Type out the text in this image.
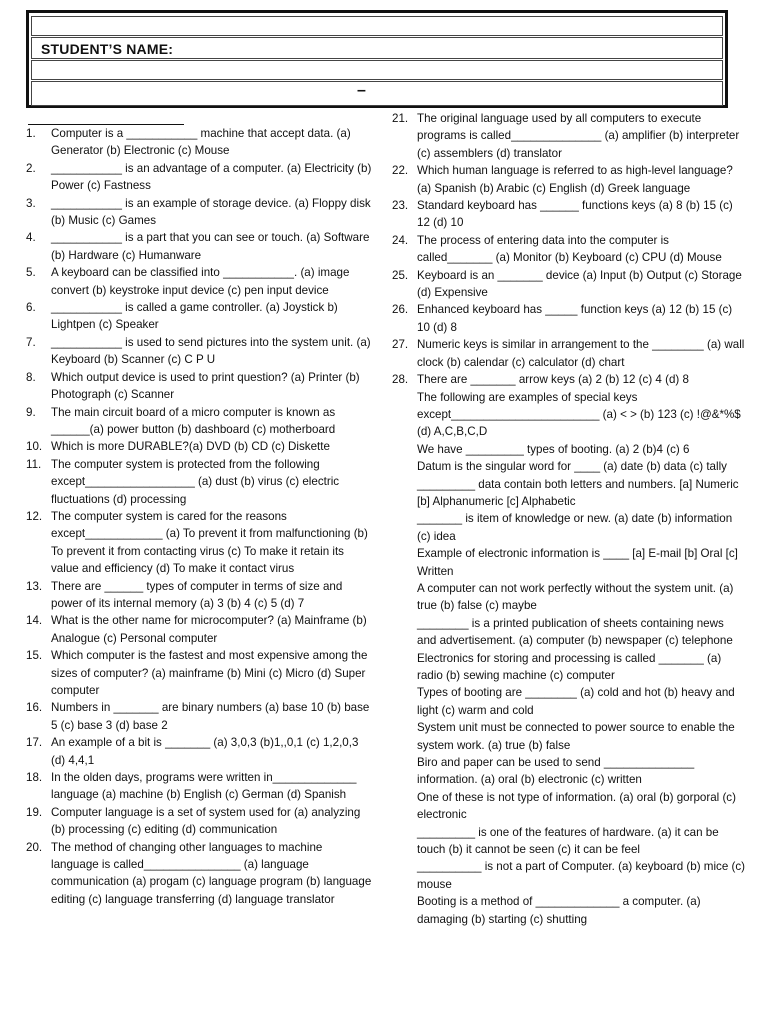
STUDENT’S NAME:
–
1. Computer is a ___________ machine that accept data. (a) Generator (b) Electronic (c) Mouse
2. ___________ is an advantage of a computer. (a) Electricity (b) Power (c) Fastness
3. ___________ is an example of storage device. (a) Floppy disk (b) Music (c) Games
4. ___________ is a part that you can see or touch. (a) Software (b) Hardware (c) Humanware
5. A keyboard can be classified into ___________. (a) image convert (b) keystroke input device (c) pen input device
6. ___________ is called a game controller. (a) Joystick b) Lightpen (c) Speaker
7. ___________ is used to send pictures into the system unit. (a) Keyboard (b) Scanner (c) C P U
8. Which output device is used to print question? (a) Printer (b) Photograph (c) Scanner
9. The main circuit board of a micro computer is known as ______(a) power button (b) dashboard (c) motherboard
10. Which is more DURABLE?(a) DVD (b) CD (c) Diskette
11. The computer system is protected from the following except_________________ (a) dust (b) virus (c) electric fluctuations (d) processing
12. The computer system is cared for the reasons except____________ (a) To prevent it from malfunctioning (b) To prevent it from contacting virus (c) To make it retain its value and efficiency (d) To make it contact virus
13. There are ______ types of computer in terms of size and power of its internal memory (a) 3 (b) 4 (c) 5 (d) 7
14. What is the other name for microcomputer? (a) Mainframe (b) Analogue (c) Personal computer
15. Which computer is the fastest and most expensive among the sizes of computer? (a) mainframe (b) Mini (c) Micro (d) Super computer
16. Numbers in _______ are binary numbers (a) base 10 (b) base 5 (c) base 3 (d) base 2
17. An example of a bit is _______ (a) 3,0,3 (b)1,,0,1 (c) 1,2,0,3 (d) 4,4,1
18. In the olden days, programs were written in_____________ language (a) machine (b) English (c) German (d) Spanish
19. Computer language is a set of system used for (a) analyzing (b) processing (c) editing (d) communication
20. The method of changing other languages to machine language is called_______________ (a) language communication (a) progam (c) language program (b) language editing (c) language transferring (d) language translator
21. The original language used by all computers to execute programs is called______________ (a) amplifier (b) interpreter (c) assemblers (d) translator
22. Which human language is referred to as high-level language? (a) Spanish (b) Arabic (c) English (d) Greek language
23. Standard keyboard has ______ functions keys (a) 8 (b) 15 (c) 12 (d) 10
24. The process of entering data into the computer is called_______ (a) Monitor (b) Keyboard (c) CPU (d) Mouse
25. Keyboard is an _______ device (a) Input (b) Output (c) Storage (d) Expensive
26. Enhanced keyboard has _____ function keys (a) 12 (b) 15 (c) 10 (d) 8
27. Numeric keys is similar in arrangement to the ________ (a) wall clock (b) calendar (c) calculator (d) chart
28. There are _______ arrow keys (a) 2 (b) 12 (c) 4 (d) 8
The following are examples of special keys except_______________________ (a) < > (b) 123 (c) !@&*%$ (d) A,C,B,C,D
We have _________ types of booting. (a) 2 (b)4 (c) 6
Datum is the singular word for ____ (a) date (b) data (c) tally
_________ data contain both letters and numbers. [a] Numeric [b] Alphanumeric [c] Alphabetic
_______ is item of knowledge or new. (a) date (b) information (c) idea
Example of electronic information is ____ [a] E-mail [b] Oral [c] Written
A computer can not work perfectly without the system unit. (a) true (b) false (c) maybe
________ is a printed publication of sheets containing news and advertisement. (a) computer (b) newspaper (c) telephone
Electronics for storing and processing is called _______ (a) radio (b) sewing machine (c) computer
Types of booting are ________ (a) cold and hot (b) heavy and light (c) warm and cold
System unit must be connected to power source to enable the system work. (a) true (b) false
Biro and paper can be used to send ______________ information. (a) oral (b) electronic (c) written
One of these is not type of information. (a) oral (b) gorporal (c) electronic
_________ is one of the features of hardware. (a) it can be touch (b) it cannot be seen (c) it can be feel
__________ is not a part of Computer. (a) keyboard (b) mice (c) mouse
Booting is a method of _____________ a computer. (a) damaging (b) starting (c) shutting
